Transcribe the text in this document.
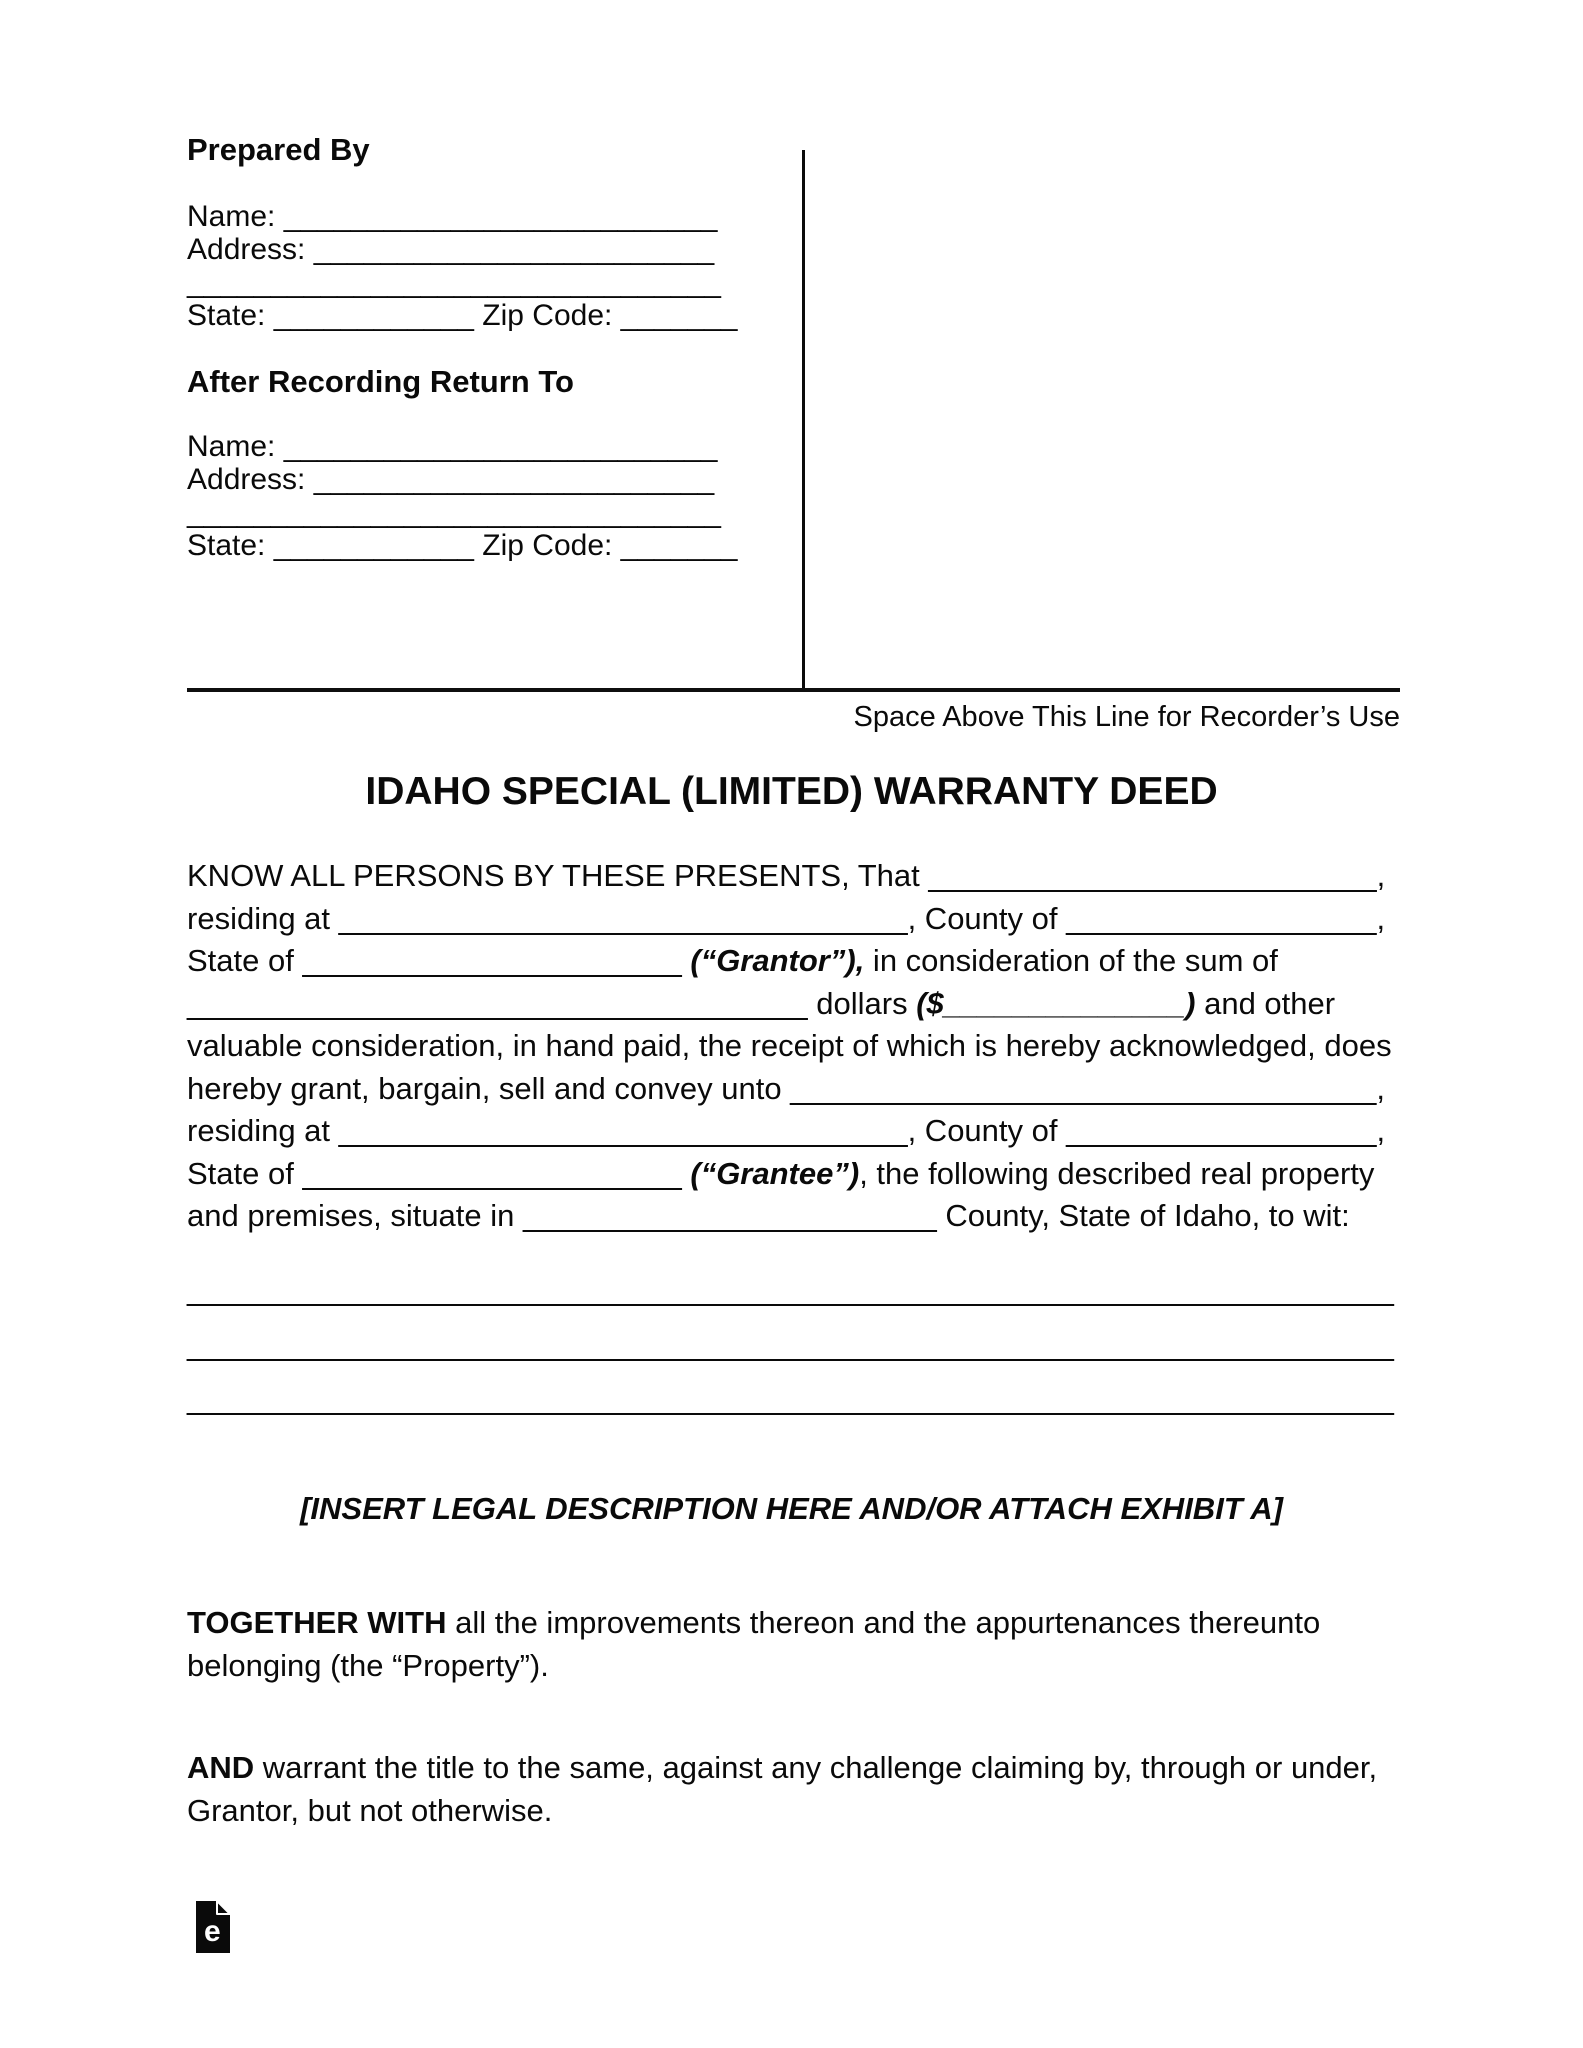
Prepared By
Name: __________________________
Address: ________________________
________________________________
State: ____________ Zip Code: _______
After Recording Return To
Name: __________________________
Address: ________________________
________________________________
State: ____________ Zip Code: _______
Space Above This Line for Recorder’s Use
IDAHO SPECIAL (LIMITED) WARRANTY DEED
KNOW ALL PERSONS BY THESE PRESENTS, That __________________________,
residing at _________________________________, County of __________________,
State of ______________________ (“Grantor”), in consideration of the sum of
____________________________________ dollars ($______________) and other
valuable consideration, in hand paid, the receipt of which is hereby acknowledged, does
hereby grant, bargain, sell and convey unto __________________________________,
residing at _________________________________, County of __________________,
State of ______________________ (“Grantee”), the following described real property
and premises, situate in ________________________ County, State of Idaho, to wit:
______________________________________________________________________
______________________________________________________________________
______________________________________________________________________
[INSERT LEGAL DESCRIPTION HERE AND/OR ATTACH EXHIBIT A]
TOGETHER WITH all the improvements thereon and the appurtenances thereunto belonging (the “Property”).
AND warrant the title to the same, against any challenge claiming by, through or under, Grantor, but not otherwise.
e
